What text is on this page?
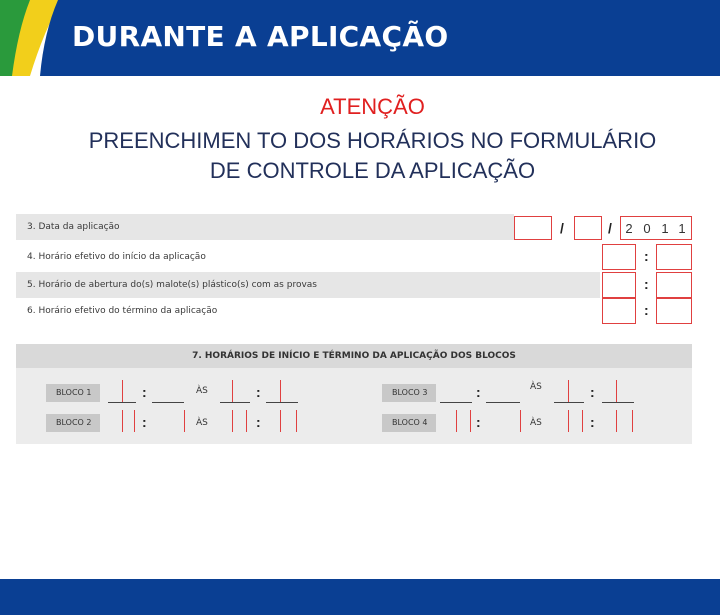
DURANTE A APLICAÇÃO
ATENÇÃO
PREENCHIMEN TO DOS HORÁRIOS NO FORMULÁRIO
DE CONTROLE DA APLICAÇÃO
3. Data da aplicação	/	/ 2 0 1 1
4. Horário efetivo do início da aplicação	:
5. Horário de abertura do(s) malote(s) plástico(s) com as provas	:
6. Horário efetivo do término da aplicação	:
7. HORÁRIOS DE INÍCIO E TÉRMINO DA APLICAÇÃO DOS BLOCOS
BLOCO 1	:	ÀS	:
BLOCO 2	:	ÀS	:
BLOCO 3	:	ÀS	:
BLOCO 4	:	ÀS	:
